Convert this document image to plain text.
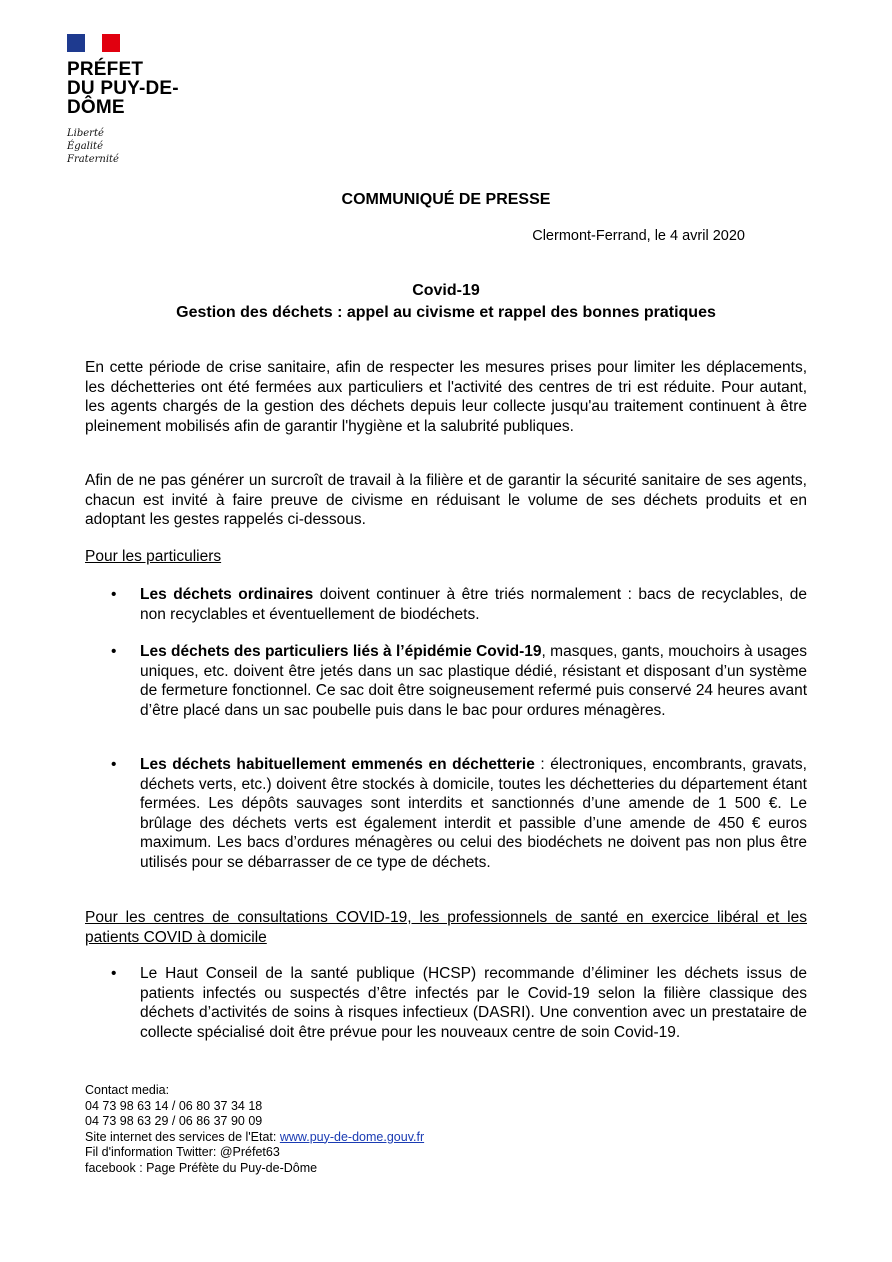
PRÉFET
DU PUY-DE-
DÔME
Liberté
Égalité
Fraternité
COMMUNIQUÉ DE PRESSE
Clermont-Ferrand, le 4 avril 2020
Covid-19
Gestion des déchets : appel au civisme et rappel des bonnes pratiques
En cette période de crise sanitaire, afin de respecter les mesures prises pour limiter les déplacements, les déchetteries ont été fermées aux particuliers et l'activité des centres de tri est réduite. Pour autant, les agents chargés de la gestion des déchets depuis leur collecte jusqu'au traitement continuent à être pleinement mobilisés afin de garantir l'hygiène et la salubrité publiques.
Afin de ne pas générer un surcroît de travail à la filière et de garantir la sécurité sanitaire de ses agents, chacun est invité à faire preuve de civisme en réduisant le volume de ses déchets produits et en adoptant les gestes rappelés ci-dessous.
Pour les particuliers
• Les déchets ordinaires doivent continuer à être triés normalement : bacs de recyclables, de non recyclables et éventuellement de biodéchets.
• Les déchets des particuliers liés à l’épidémie Covid-19, masques, gants, mouchoirs à usages uniques, etc. doivent être jetés dans un sac plastique dédié, résistant et disposant d’un système de fermeture fonctionnel. Ce sac doit être soigneusement refermé puis conservé 24 heures avant d’être placé dans un sac poubelle puis dans le bac pour ordures ménagères.
• Les déchets habituellement emmenés en déchetterie : électroniques, encombrants, gravats, déchets verts, etc.) doivent être stockés à domicile, toutes les déchetteries du département étant fermées. Les dépôts sauvages sont interdits et sanctionnés d’une amende de 1 500 €. Le brûlage des déchets verts est également interdit et passible d’une amende de 450 € euros maximum. Les bacs d’ordures ménagères ou celui des biodéchets ne doivent pas non plus être utilisés pour se débarrasser de ce type de déchets.
Pour les centres de consultations COVID-19, les professionnels de santé en exercice libéral et les patients COVID à domicile
• Le Haut Conseil de la santé publique (HCSP) recommande d’éliminer les déchets issus de patients infectés ou suspectés d’être infectés par le Covid-19 selon la filière classique des déchets d’activités de soins à risques infectieux (DASRI). Une convention avec un prestataire de collecte spécialisé doit être prévue pour les nouveaux centre de soin Covid-19.
Contact media:
04 73 98 63 14 / 06 80 37 34 18
04 73 98 63 29 / 06 86 37 90 09
Site internet des services de l'Etat: www.puy-de-dome.gouv.fr
Fil d'information Twitter: @Préfet63
facebook : Page Préfète du Puy-de-Dôme
